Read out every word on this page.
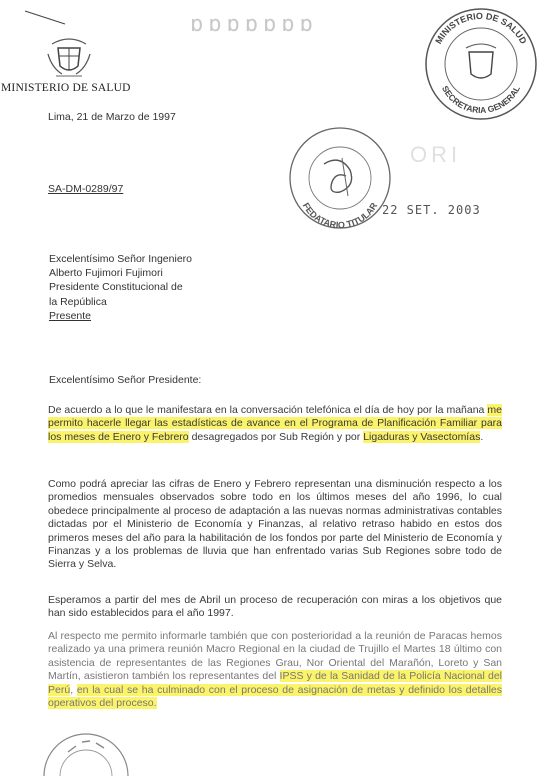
MINISTERIO DE SALUD
ɒɒɒɒɒɒɒ
MINISTERIO DE SALUD
SECRETARIA GENERAL
FEDATARIO TITULAR
ORI
22 SET. 2003
Lima, 21 de Marzo de 1997
SA-DM-0289/97
Excelentísimo Señor Ingeniero
Alberto Fujimori Fujimori
Presidente Constitucional de
la República
Presente
Excelentísimo Señor Presidente:
De acuerdo a lo que le manifestara en la conversación telefónica el día de hoy por la mañana me permito hacerle llegar las estadísticas de avance en el Programa de Planificación Familiar para los meses de Enero y Febrero desagregados por Sub Región y por Ligaduras y Vasectomías.
Como podrá apreciar las cifras de Enero y Febrero representan una disminución respecto a los promedios mensuales observados sobre todo en los últimos meses del año 1996, lo cual obedece principalmente al proceso de adaptación a las nuevas normas administrativas contables dictadas por el Ministerio de Economía y Finanzas, al relativo retraso habido en estos dos primeros meses del año para la habilitación de los fondos por parte del Ministerio de Economía y Finanzas y a los problemas de lluvia que han enfrentado varias Sub Regiones sobre todo de Sierra y Selva.
Esperamos a partir del mes de Abril un proceso de recuperación con miras a los objetivos que han sido establecidos para el año 1997.
Al respecto me permito informarle también que con posterioridad a la reunión de Paracas hemos realizado ya una primera reunión Macro Regional en la ciudad de Trujillo el Martes 18 último con asistencia de representantes de las Regiones Grau, Nor Oriental del Marañón, Loreto y San Martín, asistieron también los representantes del IPSS y de la Sanidad de la Policía Nacional del Perú, en la cual se ha culminado con el proceso de asignación de metas y definido los detalles operativos del proceso.
